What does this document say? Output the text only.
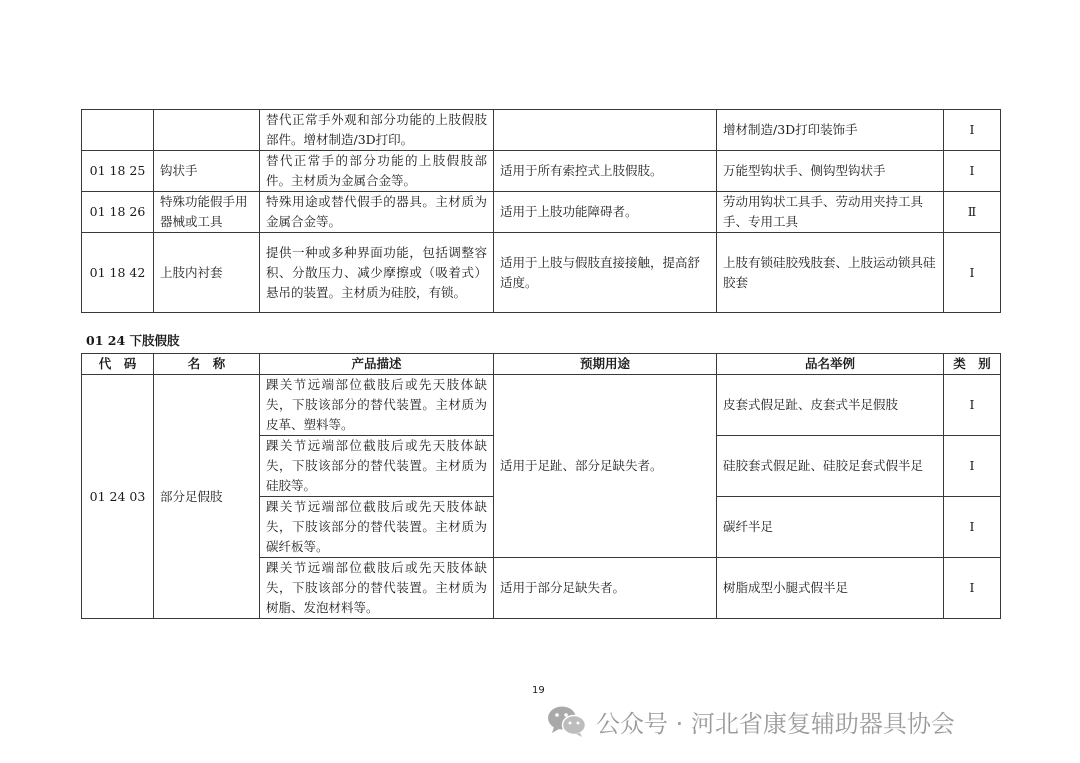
		替代正常手外观和部分功能的上肢假肢部件。增材制造/3D打印。		增材制造/3D打印装饰手	Ⅰ
01 18 25	钩状手	替代正常手的部分功能的上肢假肢部件。主材质为金属合金等。	适用于所有索控式上肢假肢。	万能型钩状手、侧钩型钩状手	Ⅰ
01 18 26	特殊功能假手用器械或工具	特殊用途或替代假手的器具。主材质为金属合金等。	适用于上肢功能障碍者。	劳动用钩状工具手、劳动用夹持工具手、专用工具	Ⅱ
01 18 42	上肢内衬套	提供一种或多种界面功能，包括调整容积、分散压力、减少摩擦或（吸着式）悬吊的装置。主材质为硅胶，有锁。	适用于上肢与假肢直接接触，提高舒适度。	上肢有锁硅胶残肢套、上肢运动锁具硅胶套	Ⅰ
01 24 下肢假肢
代　码	名　称	产品描述	预期用途	品名举例	类　别
01 24 03	部分足假肢	踝关节远端部位截肢后或先天肢体缺失，下肢该部分的替代装置。主材质为皮革、塑料等。	适用于足趾、部分足缺失者。	皮套式假足趾、皮套式半足假肢	Ⅰ
		踝关节远端部位截肢后或先天肢体缺失，下肢该部分的替代装置。主材质为硅胶等。		硅胶套式假足趾、硅胶足套式假半足	Ⅰ
		踝关节远端部位截肢后或先天肢体缺失，下肢该部分的替代装置。主材质为碳纤板等。		碳纤半足	Ⅰ
		踝关节远端部位截肢后或先天肢体缺失，下肢该部分的替代装置。主材质为树脂、发泡材料等。	适用于部分足缺失者。	树脂成型小腿式假半足	Ⅰ
19
公众号 · 河北省康复辅助器具协会
